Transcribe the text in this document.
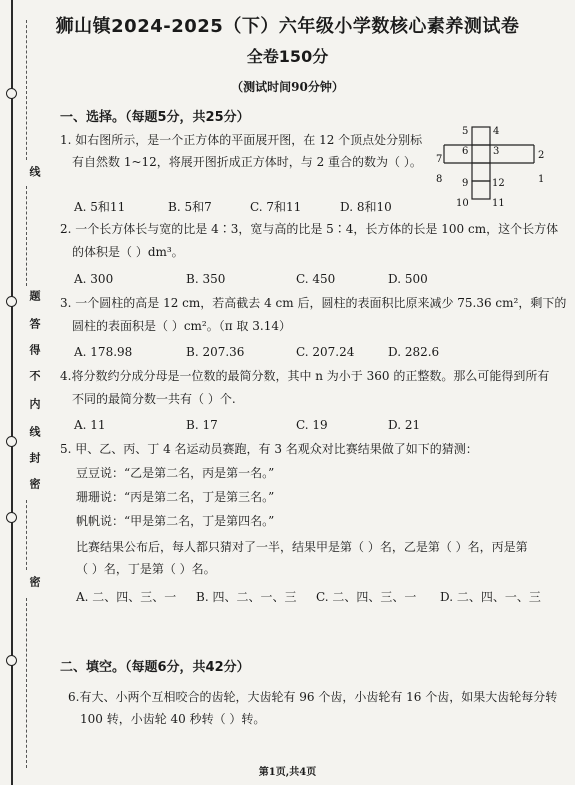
线
题
答
得
不
内
线
封
密
密
狮山镇2024-2025（下）六年级小学数核心素养测试卷
全卷150分
（测试时间90分钟）
一、选择。（每题5分，共25分）
1. 如右图所示，是一个正方体的平面展开图，在 12 个顶点处分别标
有自然数 1~12，将展开图折成正方体时，与 2 重合的数为（ ）。
A. 5和11	B. 5和7	C. 7和11	D. 8和10
5 4
6 3
7	2
8	1
9 12
10 11
2. 一个长方体长与宽的比是 4∶3，宽与高的比是 5∶4，长方体的长是 100 cm，这个长方体
的体积是（ ）dm³。
A. 300	B. 350	C. 450	D. 500
3. 一个圆柱的高是 12 cm，若高截去 4 cm 后，圆柱的表面积比原来减少 75.36 cm²，剩下的
圆柱的表面积是（ ）cm²。（π 取 3.14）
A. 178.98	B. 207.36	C. 207.24	D. 282.6
4.将分数约分成分母是一位数的最简分数，其中 n 为小于 360 的正整数。那么可能得到所有
不同的最简分数一共有（ ）个.
A. 11	B. 17	C. 19	D. 21
5. 甲、乙、丙、丁 4 名运动员赛跑，有 3 名观众对比赛结果做了如下的猜测：
豆豆说：“乙是第二名，丙是第一名。”
珊珊说：“丙是第二名，丁是第三名。”
帆帆说：“甲是第二名，丁是第四名。”
比赛结果公布后，每人都只猜对了一半，结果甲是第（ ）名，乙是第（ ）名，丙是第
（ ）名，丁是第（ ）名。
A. 二、四、三、一 B. 四、二、一、三 C. 二、四、三、一 D. 二、四、一、三
二、填空。（每题6分，共42分）
6.有大、小两个互相咬合的齿轮，大齿轮有 96 个齿，小齿轮有 16 个齿，如果大齿轮每分转
100 转，小齿轮 40 秒转（ ）转。
第1页,共4页
